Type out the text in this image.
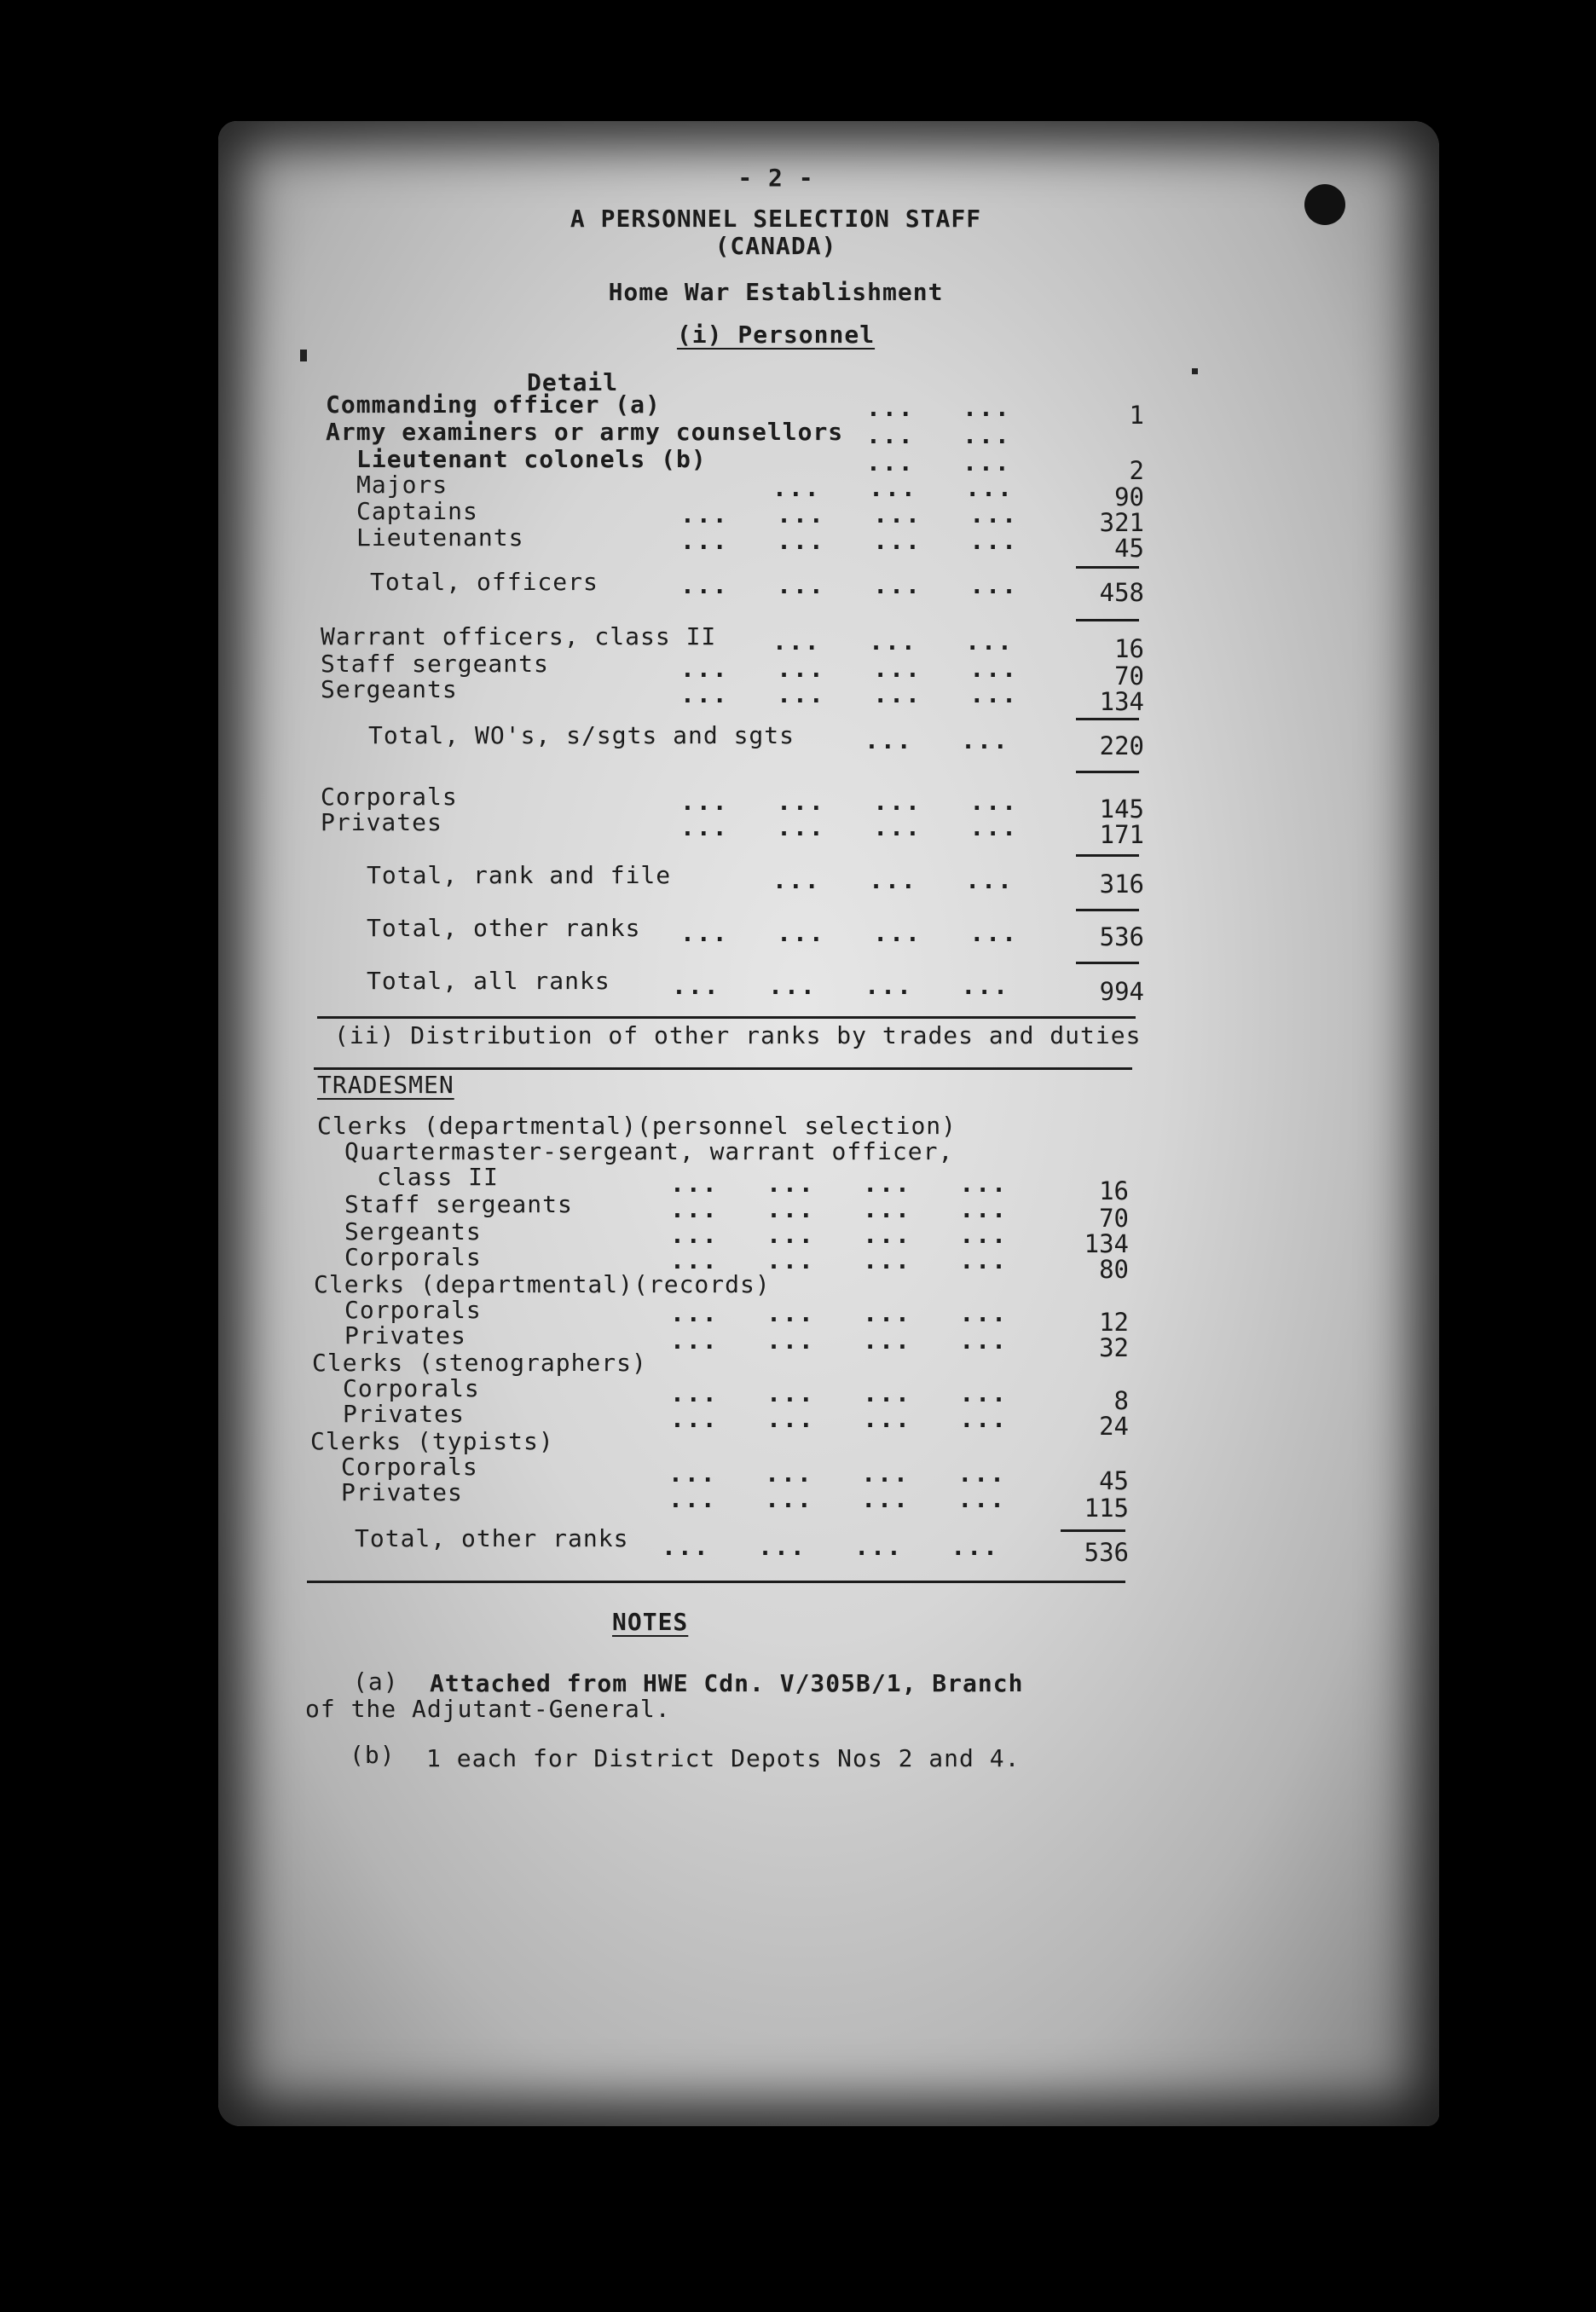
- 2 -
A PERSONNEL SELECTION STAFF
(CANADA)
Home War Establishment
(i) Personnel
Detail
Commanding officer (a)	...   ...	1
Army examiners or army counsellors ...   ...
Lieutenant colonels (b)	...   ...	2
Majors	...   ...   ...	90
Captains	...   ...   ...   ...	321
Lieutenants	...   ...   ...   ...	45
Total, officers	...   ...   ...   ...	458
Warrant officers, class II ...   ...   ...	16
Staff sergeants	...   ...   ...   ...	70
Sergeants	...   ...   ...   ...	134
Total, WO's, s/sgts and sgts	...   ...	220
Corporals	...   ...   ...   ...	145
Privates	...   ...   ...   ...	171
Total, rank and file	...   ...   ...	316
Total, other ranks ...   ...   ...   ...	536
Total, all ranks	...   ...   ...   ...	994
(ii) Distribution of other ranks by trades and duties
TRADESMEN
Clerks (departmental)(personnel selection)
Quartermaster-sergeant, warrant officer,
class II	...   ...   ...   ...	16
Staff sergeants	...   ...   ...   ...	70
Sergeants	...   ...   ...   ...	134
Corporals	...   ...   ...   ...	80
Clerks (departmental)(records)
Corporals	...   ...   ...   ...	12
Privates	...   ...   ...   ...	32
Clerks (stenographers)
Corporals	...   ...   ...   ...	8
Privates	...   ...   ...   ...	24
Clerks (typists)
Corporals	...   ...   ...   ...	45
Privates	...   ...   ...   ...	115
Total, other ranks ...   ...   ...   ...	536
NOTES
(a) Attached from HWE Cdn. V/305B/1, Branch
of the Adjutant-General.
(b) 1 each for District Depots Nos 2 and 4.
